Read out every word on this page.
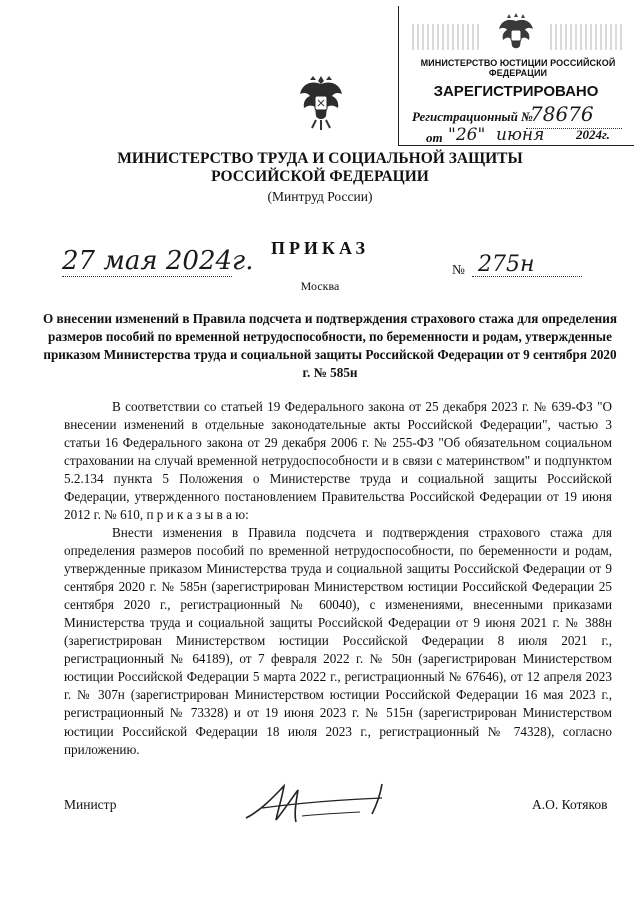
МИНИСТЕРСТВО ЮСТИЦИИ РОССИЙСКОЙ ФЕДЕРАЦИИ
ЗАРЕГИСТРИРОВАНО
Регистрационный №
78676
от "26" июня 2024г.
МИНИСТЕРСТВО ТРУДА И СОЦИАЛЬНОЙ ЗАЩИТЫ
РОССИЙСКОЙ ФЕДЕРАЦИИ
(Минтруд России)
ПРИКАЗ
27 мая 2024г.	№ 275н
Москва
О внесении изменений в Правила подсчета и подтверждения страхового стажа для определения размеров пособий по временной нетрудоспособности, по беременности и родам, утвержденные приказом Министерства труда и социальной защиты Российской Федерации от 9 сентября 2020 г. № 585н
В соответствии со статьей 19 Федерального закона от 25 декабря 2023 г. № 639-ФЗ "О внесении изменений в отдельные законодательные акты Российской Федерации", частью 3 статьи 16 Федерального закона от 29 декабря 2006 г. № 255-ФЗ "Об обязательном социальном страховании на случай временной нетрудоспособности и в связи с материнством" и подпунктом 5.2.134 пункта 5 Положения о Министерстве труда и социальной защиты Российской Федерации, утвержденного постановлением Правительства Российской Федерации от 19 июня 2012 г. № 610, п р и к а з ы в а ю:
Внести изменения в Правила подсчета и подтверждения страхового стажа для определения размеров пособий по временной нетрудоспособности, по беременности и родам, утвержденные приказом Министерства труда и социальной защиты Российской Федерации от 9 сентября 2020 г. № 585н (зарегистрирован Министерством юстиции Российской Федерации 25 сентября 2020 г., регистрационный № 60040), с изменениями, внесенными приказами Министерства труда и социальной защиты Российской Федерации от 9 июня 2021 г. № 388н (зарегистрирован Министерством юстиции Российской Федерации 8 июля 2021 г., регистрационный № 64189), от 7 февраля 2022 г. № 50н (зарегистрирован Министерством юстиции Российской Федерации 5 марта 2022 г., регистрационный № 67646), от 12 апреля 2023 г. № 307н (зарегистрирован Министерством юстиции Российской Федерации 16 мая 2023 г., регистрационный № 73328) и от 19 июня 2023 г. № 515н (зарегистрирован Министерством юстиции Российской Федерации 18 июля 2023 г., регистрационный № 74328), согласно приложению.
Министр	А.О. Котяков
